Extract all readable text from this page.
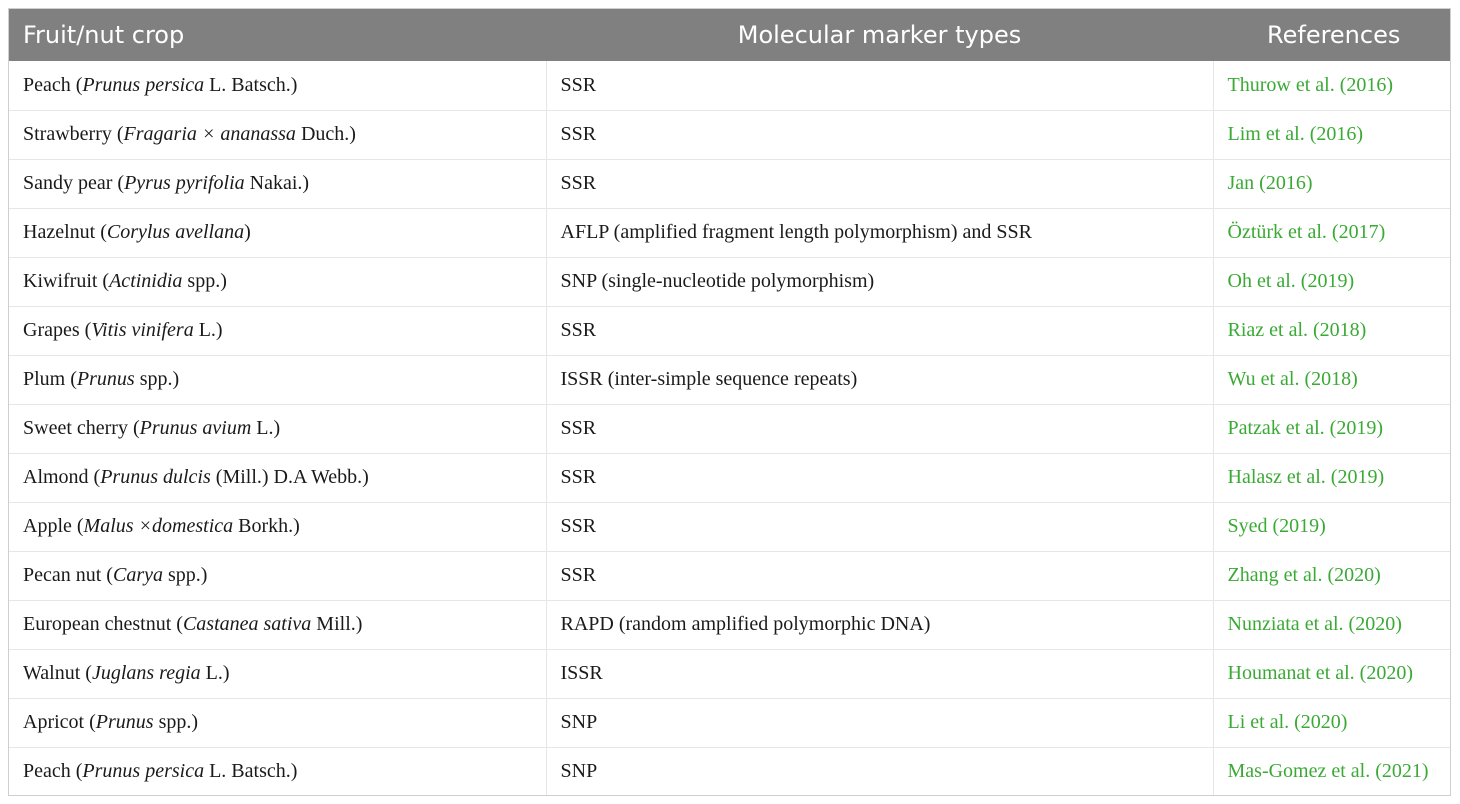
Fruit/nut crop	Molecular marker types	References
Peach (Prunus persica L. Batsch.)	SSR	Thurow et al. (2016)
Strawberry (Fragaria × ananassa Duch.)	SSR	Lim et al. (2016)
Sandy pear (Pyrus pyrifolia Nakai.)	SSR	Jan (2016)
Hazelnut (Corylus avellana)	AFLP (amplified fragment length polymorphism) and SSR	Öztürk et al. (2017)
Kiwifruit (Actinidia spp.)	SNP (single-nucleotide polymorphism)	Oh et al. (2019)
Grapes (Vitis vinifera L.)	SSR	Riaz et al. (2018)
Plum (Prunus spp.)	ISSR (inter-simple sequence repeats)	Wu et al. (2018)
Sweet cherry (Prunus avium L.)	SSR	Patzak et al. (2019)
Almond (Prunus dulcis (Mill.) D.A Webb.)	SSR	Halasz et al. (2019)
Apple (Malus ×domestica Borkh.)	SSR	Syed (2019)
Pecan nut (Carya spp.)	SSR	Zhang et al. (2020)
European chestnut (Castanea sativa Mill.)	RAPD (random amplified polymorphic DNA)	Nunziata et al. (2020)
Walnut (Juglans regia L.)	ISSR	Houmanat et al. (2020)
Apricot (Prunus spp.)	SNP	Li et al. (2020)
Peach (Prunus persica L. Batsch.)	SNP	Mas-Gomez et al. (2021)
